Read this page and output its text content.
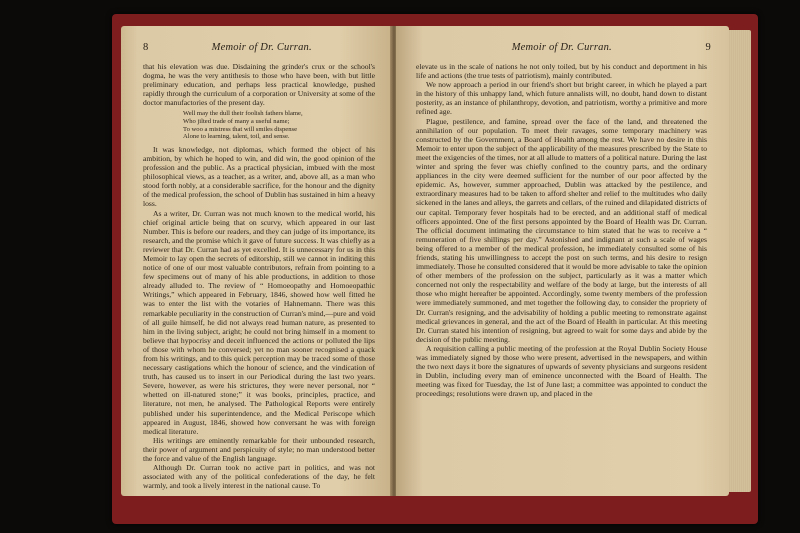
8	Memoir of Dr. Curran.

that his elevation was due. Disdaining the grinder's crux or the school's dogma, he was the very antithesis to those who have been, with but little preliminary education, and perhaps less practical knowledge, pushed rapidly through the curriculum of a corporation or University at some of the doctor manufactories of the present day.

Well may the dull their foolish fathers blame,
Who jilted trade of many a useful name;
To woo a mistress that will smiles dispense
Alone to learning, talent, toil, and sense.

It was knowledge, not diplomas, which formed the object of his ambition, by which he hoped to win, and did win, the good opinion of the profession and the public. As a practical physician, imbued with the most philosophical views, as a teacher, as a writer, and, above all, as a man who stood forth nobly, at a considerable sacrifice, for the honour and the dignity of the medical profession, the school of Dublin has sustained in him a heavy loss.

As a writer, Dr. Curran was not much known to the medical world, his chief original article being that on scurvy, which appeared in our last Number. This is before our readers, and they can judge of its importance, its research, and the promise which it gave of future success. It was chiefly as a reviewer that Dr. Curran had as yet excelled. It is unnecessary for us in this Memoir to lay open the secrets of editorship, still we cannot in inditing this notice of one of our most valuable contributors, refrain from pointing to a few specimens out of many of his able productions, in addition to those already alluded to. The review of “ Homoeopathy and Homoeopathic Writings,” which appeared in February, 1846, showed how well fitted he was to enter the list with the votaries of Hahnemann. There was this remarkable peculiarity in the construction of Curran's mind,—pure and void of all guile himself, he did not always read human nature, as presented to him in the living subject, aright; he could not bring himself in a moment to believe that hypocrisy and deceit influenced the actions or polluted the lips of those with whom he conversed; yet no man sooner recognised a quack from his writings, and to this quick perception may be traced some of those necessary castigations which the honour of science, and the vindication of truth, has caused us to insert in our Periodical during the last two years. Severe, however, as were his strictures, they were never personal, nor “ whetted on ill-natured stone;” it was books, principles, practice, and literature, not men, he analysed. The Pathological Reports were entirely published under his superintendence, and the Medical Periscope which appeared in August, 1846, showed how conversant he was with foreign medical literature.

His writings are eminently remarkable for their unbounded research, their power of argument and perspicuity of style; no man understood better the force and value of the English language.

Although Dr. Curran took no active part in politics, and was not associated with any of the political confederations of the day, he felt warmly, and took a lively interest in the national cause. To

Memoir of Dr. Curran.	9

elevate us in the scale of nations he not only toiled, but by his conduct and deportment in his life and actions (the true tests of patriotism), mainly contributed.

We now approach a period in our friend's short but bright career, in which he played a part in the history of this unhappy land, which future annalists will, no doubt, hand down to distant posterity, as an instance of philanthropy, devotion, and patriotism, worthy a primitive and more refined age.

Plague, pestilence, and famine, spread over the face of the land, and threatened the annihilation of our population. To meet their ravages, some temporary machinery was constructed by the Government, a Board of Health among the rest. We have no desire in this Memoir to enter upon the subject of the applicability of the measures prescribed by the State to meet the exigencies of the times, nor at all allude to matters of a political nature. During the last winter and spring the fever was chiefly confined to the country parts, and the ordinary appliances in the city were deemed sufficient for the number of our poor affected by the epidemic. As, however, summer approached, Dublin was attacked by the pestilence, and extraordinary measures had to be taken to afford shelter and relief to the multitudes who daily sickened in the lanes and alleys, the garrets and cellars, of the ruined and dilapidated districts of our capital. Temporary fever hospitals had to be erected, and an additional staff of medical officers appointed. One of the first persons appointed by the Board of Health was Dr. Curran. The official document intimating the circumstance to him stated that he was to receive a “ remuneration of five shillings per day.” Astonished and indignant at such a scale of wages being offered to a member of the medical profession, he immediately consulted some of his friends, stating his unwillingness to accept the post on such terms, and his desire to resign immediately. Those he consulted considered that it would be more advisable to take the opinion of other members of the profession on the subject, particularly as it was a matter which concerned not only the respectability and welfare of the body at large, but the interests of all those who might hereafter be appointed. Accordingly, some twenty members of the profession were immediately summoned, and met together the following day, to consider the propriety of Dr. Curran's resigning, and the advisability of holding a public meeting to remonstrate against medical grievances in general, and the act of the Board of Health in particular. At this meeting Dr. Curran stated his intention of resigning, but agreed to wait for some days and abide by the decision of the public meeting.

A requisition calling a public meeting of the profession at the Royal Dublin Society House was immediately signed by those who were present, advertised in the newspapers, and within the two next days it bore the signatures of upwards of seventy physicians and surgeons resident in Dublin, including every man of eminence unconnected with the Board of Health. The meeting was fixed for Tuesday, the 1st of June last; a committee was appointed to conduct the proceedings; resolutions were drawn up, and placed in the
